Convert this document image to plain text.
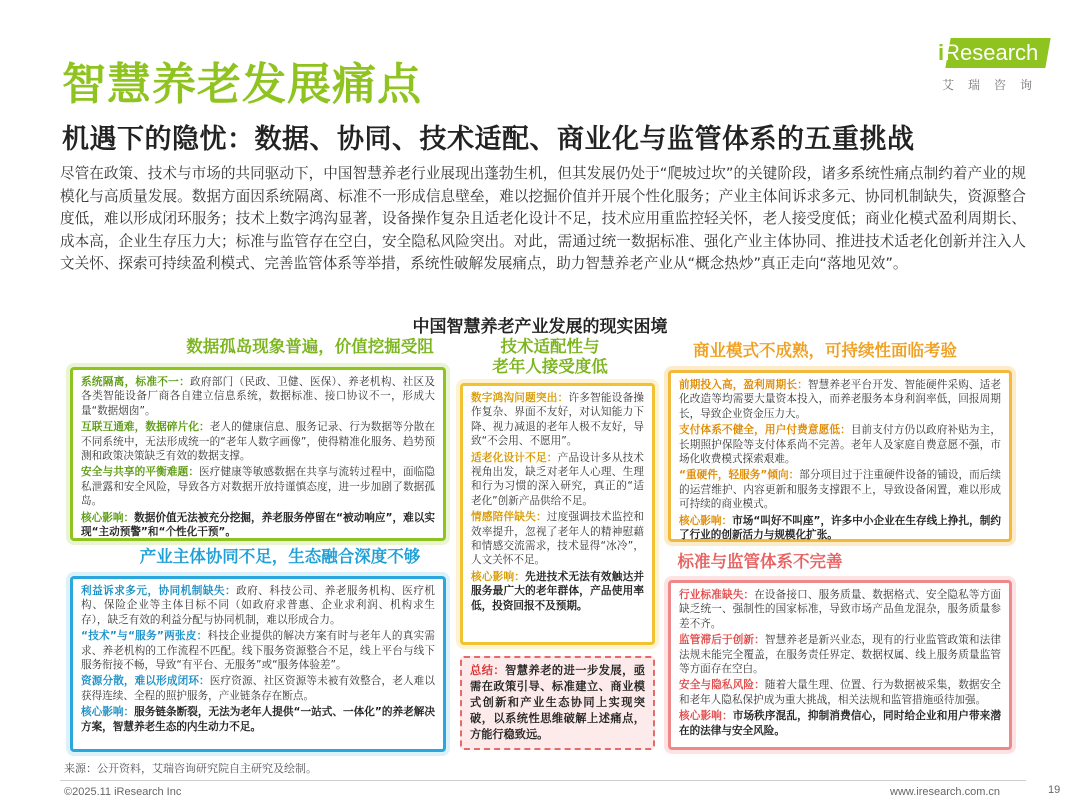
智慧养老发展痛点
机遇下的隐忧：数据、协同、技术适配、商业化与监管体系的五重挑战
iResearch
艾瑞咨询
尽管在政策、技术与市场的共同驱动下，中国智慧养老行业展现出蓬勃生机，但其发展仍处于“爬坡过坎”的关键阶段，诸多系统性痛点制约着产业的规模化与高质量发展。数据方面因系统隔离、标准不一形成信息壁垒，难以挖掘价值并开展个性化服务；产业主体间诉求多元、协同机制缺失，资源整合度低，难以形成闭环服务；技术上数字鸿沟显著，设备操作复杂且适老化设计不足，技术应用重监控轻关怀，老人接受度低；商业化模式盈利周期长、成本高，企业生存压力大；标准与监管存在空白，安全隐私风险突出。对此，需通过统一数据标准、强化产业主体协同、推进技术适老化创新并注入人文关怀、探索可持续盈利模式、完善监管体系等举措，系统性破解发展痛点，助力智慧养老产业从“概念热炒”真正走向“落地见效”。
中国智慧养老产业发展的现实困境
数据孤岛现象普遍，价值挖掘受阻
产业主体协同不足，生态融合深度不够
技术适配性与
老年人接受度低
商业模式不成熟，可持续性面临考验
标准与监管体系不完善

系统隔离，标准不一：政府部门（民政、卫健、医保）、养老机构、社区及各类智能设备厂商各自建立信息系统，数据标准、接口协议不一，形成大量“数据烟囱”。

互联互通难，数据碎片化：老人的健康信息、服务记录、行为数据等分散在不同系统中，无法形成统一的“老年人数字画像”，使得精准化服务、趋势预测和政策决策缺乏有效的数据支撑。

安全与共享的平衡难题：医疗健康等敏感数据在共享与流转过程中，面临隐私泄露和安全风险，导致各方对数据开放持谨慎态度，进一步加剧了数据孤岛。

核心影响：数据价值无法被充分挖掘，养老服务停留在“被动响应”，难以实现“主动预警”和“个性化干预”。

利益诉求多元，协同机制缺失：政府、科技公司、养老服务机构、医疗机构、保险企业等主体目标不同（如政府求普惠、企业求利润、机构求生存），缺乏有效的利益分配与协同机制，难以形成合力。

“技术”与“服务”两张皮：科技企业提供的解决方案有时与老年人的真实需求、养老机构的工作流程不匹配。线下服务资源整合不足，线上平台与线下服务衔接不畅，导致“有平台、无服务”或“服务体验差”。

资源分散，难以形成闭环：医疗资源、社区资源等未被有效整合，老人难以获得连续、全程的照护服务，产业链条存在断点。

核心影响：服务链条断裂，无法为老年人提供“一站式、一体化”的养老解决方案，智慧养老生态的内生动力不足。

数字鸿沟问题突出：许多智能设备操作复杂、界面不友好，对认知能力下降、视力减退的老年人极不友好，导致“不会用、不愿用”。

适老化设计不足：产品设计多从技术视角出发，缺乏对老年人心理、生理和行为习惯的深入研究，真正的“适老化”创新产品供给不足。

情感陪伴缺失：过度强调技术监控和效率提升，忽视了老年人的精神慰藉和情感交流需求，技术显得“冰冷”，人文关怀不足。

核心影响：先进技术无法有效触达并服务最广大的老年群体，产品使用率低，投资回报不及预期。

总结：智慧养老的进一步发展，亟需在政策引导、标准建立、商业模式创新和产业生态协同上实现突破，以系统性思维破解上述痛点，方能行稳致远。

前期投入高，盈利周期长：智慧养老平台开发、智能硬件采购、适老化改造等均需要大量资本投入，而养老服务本身利润率低，回报周期长，导致企业资金压力大。

支付体系不健全，用户付费意愿低：目前支付方仍以政府补贴为主，长期照护保险等支付体系尚不完善。老年人及家庭自费意愿不强，市场化收费模式探索艰难。

“重硬件，轻服务”倾向：部分项目过于注重硬件设备的铺设，而后续的运营维护、内容更新和服务支撑跟不上，导致设备闲置，难以形成可持续的商业模式。

核心影响：市场“叫好不叫座”，许多中小企业在生存线上挣扎，制约了行业的创新活力与规模化扩张。

行业标准缺失：在设备接口、服务质量、数据格式、安全隐私等方面缺乏统一、强制性的国家标准，导致市场产品鱼龙混杂，服务质量参差不齐。

监管滞后于创新：智慧养老是新兴业态，现有的行业监管政策和法律法规未能完全覆盖，在服务责任界定、数据权属、线上服务质量监管等方面存在空白。

安全与隐私风险：随着大量生理、位置、行为数据被采集，数据安全和老年人隐私保护成为重大挑战，相关法规和监管措施亟待加强。

核心影响：市场秩序混乱，抑制消费信心，同时给企业和用户带来潜在的法律与安全风险。

来源：公开资料，艾瑞咨询研究院自主研究及绘制。
©2025.11 iResearch Inc	www.iresearch.com.cn	19
